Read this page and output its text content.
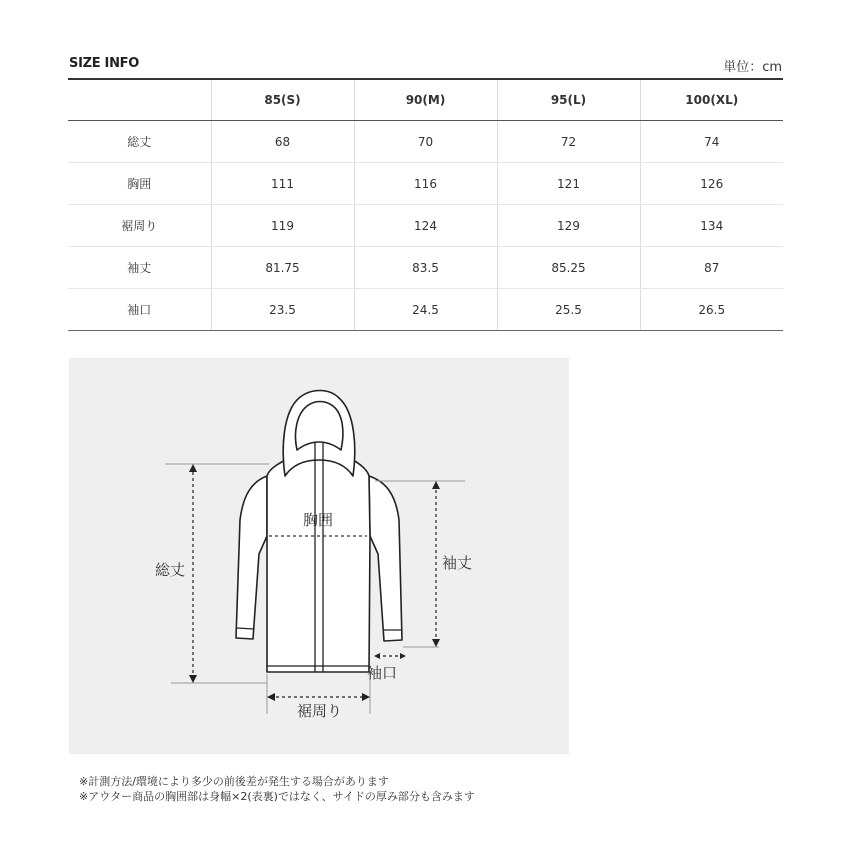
SIZE INFO	単位：cm
	85(S)	90(M)	95(L)	100(XL)
総丈	68	70	72	74
胸囲	111	116	121	126
裾周り	119	124	129	134
袖丈	81.75	83.5	85.25	87
袖口	23.5	24.5	25.5	26.5
総丈
胸囲
袖丈
袖口
裾周り
※計測方法/環境により多少の前後差が発生する場合があります
※アウター商品の胸囲部は身幅×2(表裏)ではなく、サイドの厚み部分も含みます
